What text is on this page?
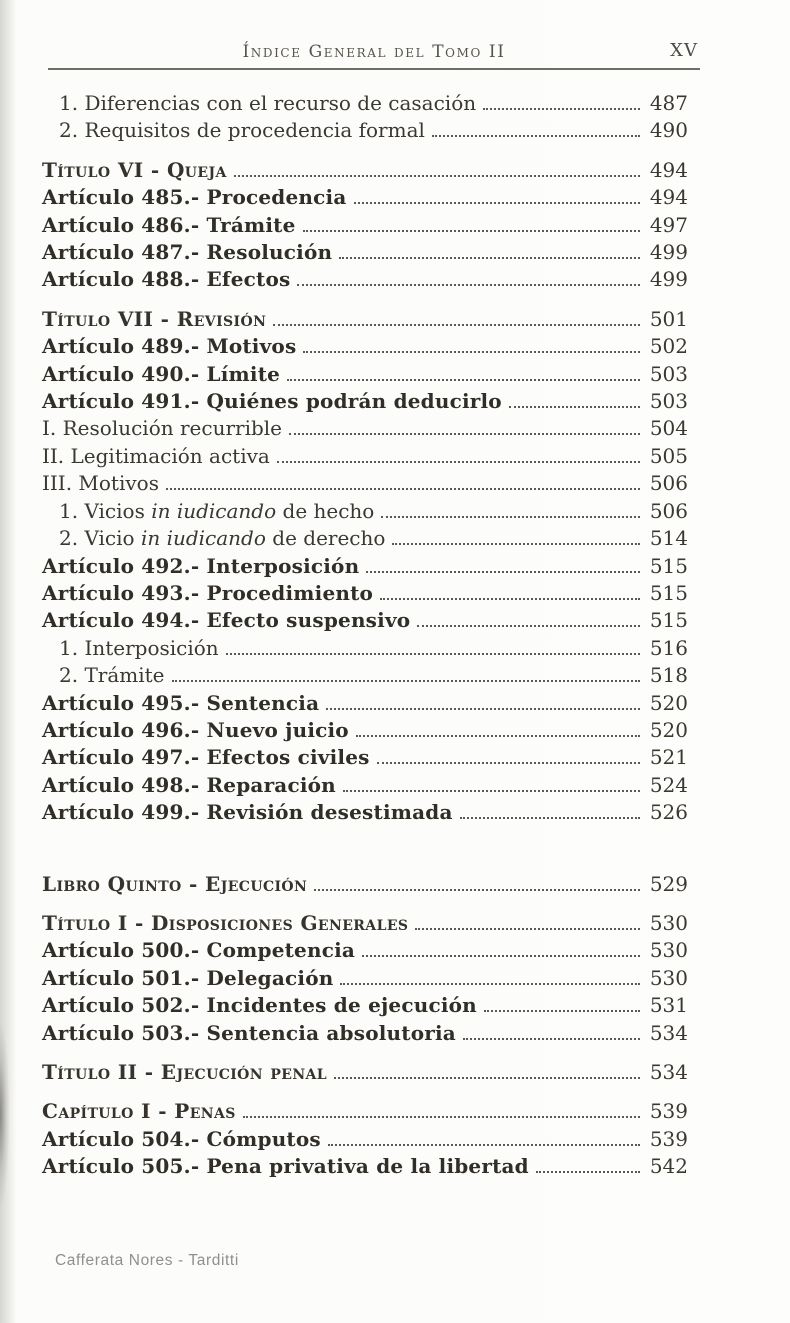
Índice General del Tomo II	XV
1. Diferencias con el recurso de casación	487
2. Requisitos de procedencia formal	490
Título VI - Queja	494
Artículo 485.- Procedencia	494
Artículo 486.- Trámite	497
Artículo 487.- Resolución	499
Artículo 488.- Efectos	499
Título VII - Revisión	501
Artículo 489.- Motivos	502
Artículo 490.- Límite	503
Artículo 491.- Quiénes podrán deducirlo	503
I. Resolución recurrible	504
II. Legitimación activa	505
III. Motivos	506
1. Vicios in iudicando de hecho	506
2. Vicio in iudicando de derecho	514
Artículo 492.- Interposición	515
Artículo 493.- Procedimiento	515
Artículo 494.- Efecto suspensivo	515
1. Interposición	516
2. Trámite	518
Artículo 495.- Sentencia	520
Artículo 496.- Nuevo juicio	520
Artículo 497.- Efectos civiles	521
Artículo 498.- Reparación	524
Artículo 499.- Revisión desestimada	526
Libro Quinto - Ejecución	529
Título I - Disposiciones Generales	530
Artículo 500.- Competencia	530
Artículo 501.- Delegación	530
Artículo 502.- Incidentes de ejecución	531
Artículo 503.- Sentencia absolutoria	534
Título II - Ejecución penal	534
Capítulo I - Penas	539
Artículo 504.- Cómputos	539
Artículo 505.- Pena privativa de la libertad	542
Cafferata Nores - Tarditti
